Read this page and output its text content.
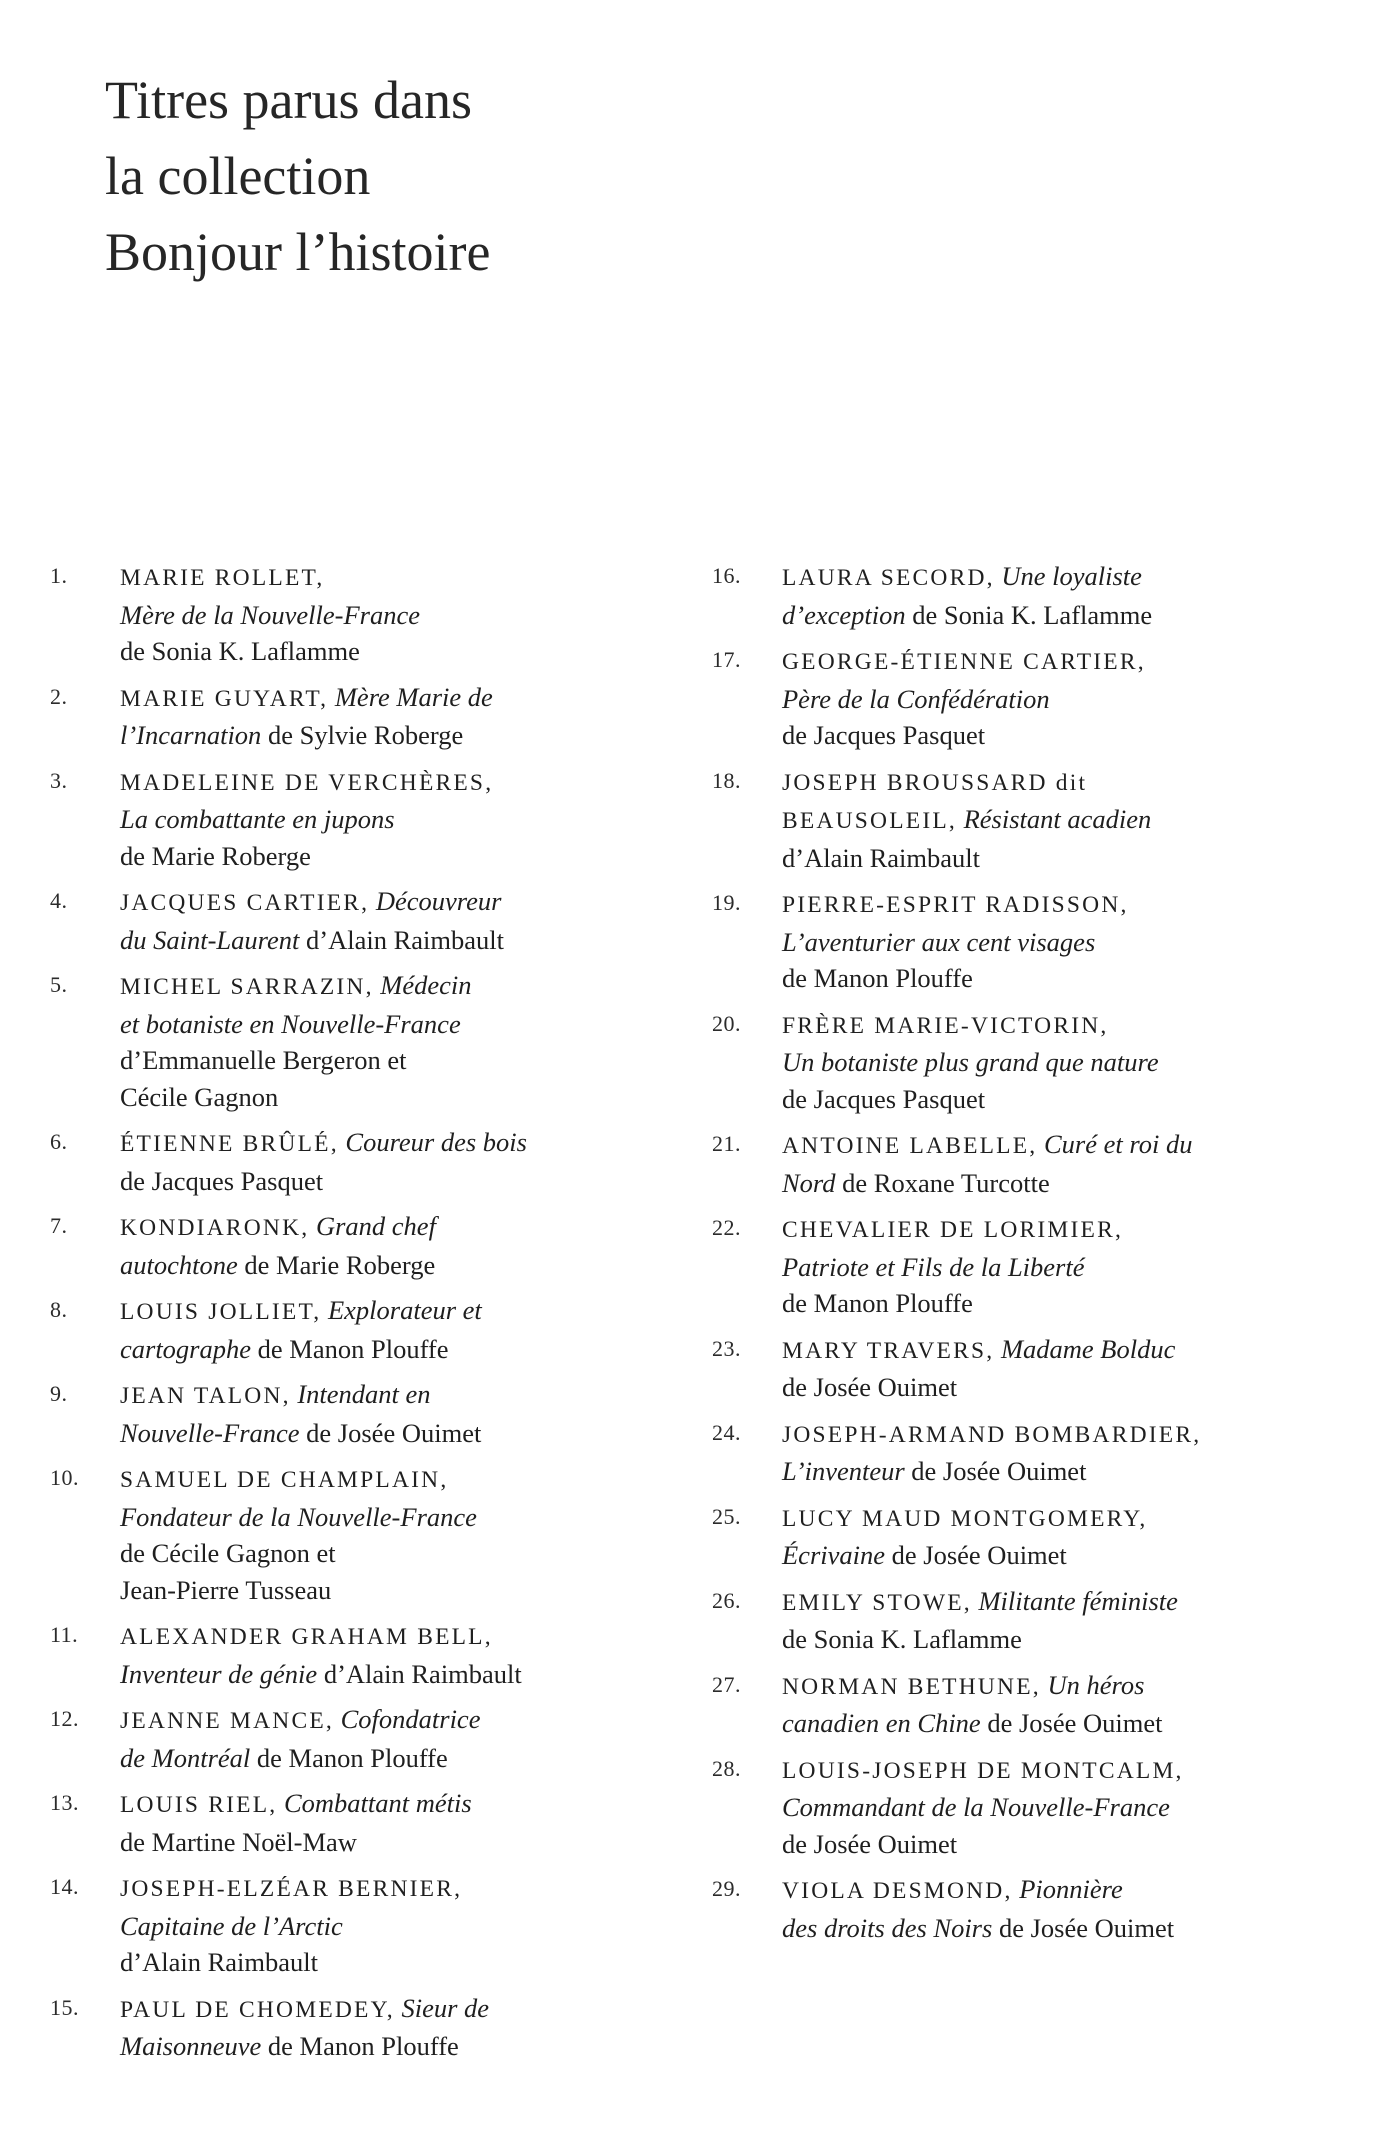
Titres parus dans
la collection
Bonjour l’histoire
1.	MARIE ROLLET,
Mère de la Nouvelle-France
de Sonia K. Laflamme
2.	MARIE GUYART, Mère Marie de
l’Incarnation de Sylvie Roberge
3.	MADELEINE DE VERCHÈRES,
La combattante en jupons
de Marie Roberge
4.	JACQUES CARTIER, Découvreur
du Saint-Laurent d’Alain Raimbault
5.	MICHEL SARRAZIN, Médecin
et botaniste en Nouvelle-France
d’Emmanuelle Bergeron et
Cécile Gagnon
6.	ÉTIENNE BRÛLÉ, Coureur des bois
de Jacques Pasquet
7.	KONDIARONK, Grand chef
autochtone de Marie Roberge
8.	LOUIS JOLLIET, Explorateur et
cartographe de Manon Plouffe
9.	JEAN TALON, Intendant en
Nouvelle-France de Josée Ouimet
10.	SAMUEL DE CHAMPLAIN,
Fondateur de la Nouvelle-France
de Cécile Gagnon et
Jean-Pierre Tusseau
11.	ALEXANDER GRAHAM BELL,
Inventeur de génie d’Alain Raimbault
12.	JEANNE MANCE, Cofondatrice
de Montréal de Manon Plouffe
13.	LOUIS RIEL, Combattant métis
de Martine Noël-Maw
14.	JOSEPH-ELZÉAR BERNIER,
Capitaine de l’Arctic
d’Alain Raimbault
15.	PAUL DE CHOMEDEY, Sieur de
Maisonneuve de Manon Plouffe
16.	LAURA SECORD, Une loyaliste
d’exception de Sonia K. Laflamme
17.	GEORGE-ÉTIENNE CARTIER,
Père de la Confédération
de Jacques Pasquet
18.	JOSEPH BROUSSARD dit
BEAUSOLEIL, Résistant acadien
d’Alain Raimbault
19.	PIERRE-ESPRIT RADISSON,
L’aventurier aux cent visages
de Manon Plouffe
20.	FRÈRE MARIE-VICTORIN,
Un botaniste plus grand que nature
de Jacques Pasquet
21.	ANTOINE LABELLE, Curé et roi du
Nord de Roxane Turcotte
22.	CHEVALIER DE LORIMIER,
Patriote et Fils de la Liberté
de Manon Plouffe
23.	MARY TRAVERS, Madame Bolduc
de Josée Ouimet
24.	JOSEPH-ARMAND BOMBARDIER,
L’inventeur de Josée Ouimet
25.	LUCY MAUD MONTGOMERY,
Écrivaine de Josée Ouimet
26.	EMILY STOWE, Militante féministe
de Sonia K. Laflamme
27.	NORMAN BETHUNE, Un héros
canadien en Chine de Josée Ouimet
28.	LOUIS-JOSEPH DE MONTCALM,
Commandant de la Nouvelle-France
de Josée Ouimet
29.	VIOLA DESMOND, Pionnière
des droits des Noirs de Josée Ouimet
